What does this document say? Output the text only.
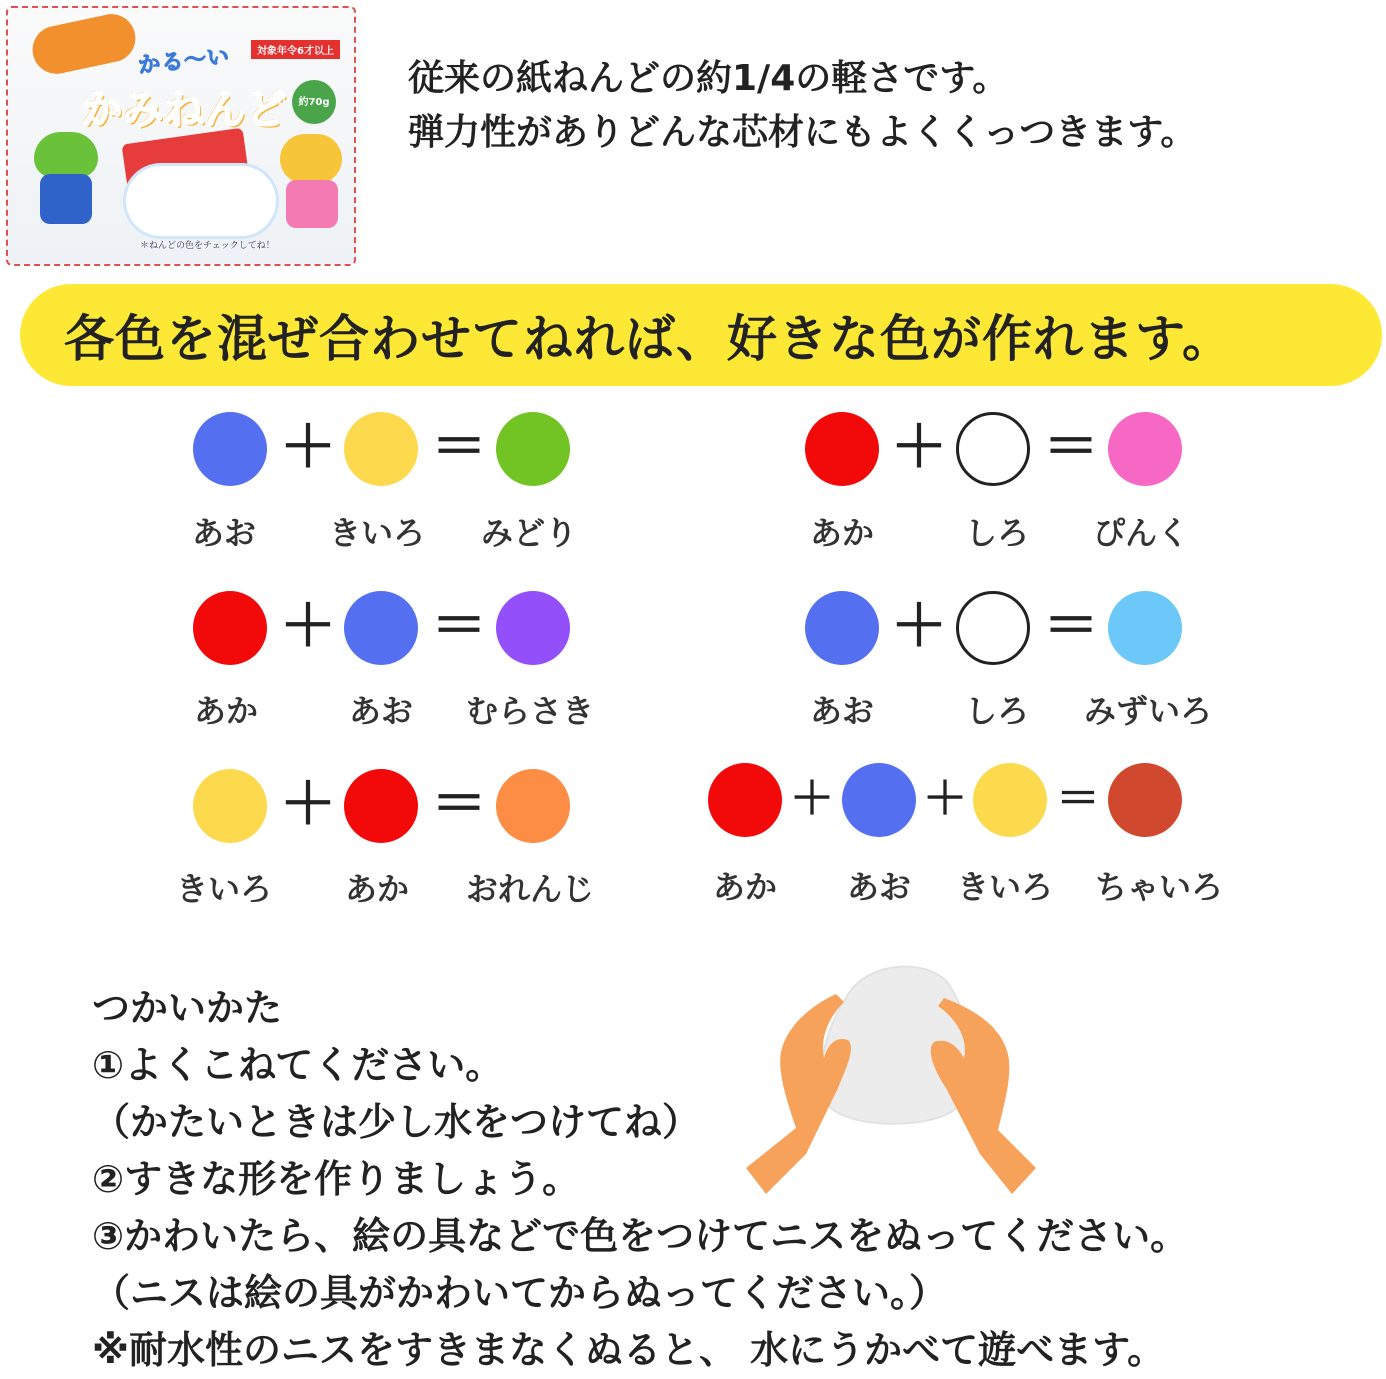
かる〜い	対象年令6才以上
かみねんど	約70g
＊ねんどの色をチェックしてね！
従来の紙ねんどの約1/4の軽さです。
弾力性がありどんな芯材にもよくくっつきます。
各色を混ぜ合わせてねれば、好きな色が作れます。
あお きいろ みどり
＋ ＝
あか	しろ ぴんく
＋ ＝
あか	あお むらさき
＋ ＝
あお	しろ みずいろ
＋ ＝
きいろ あか おれんじ
＋ ＝
あか あお きいろ ちゃいろ
＋ ＋ ＝
つかいかた
①よくこねてください。
（かたいときは少し水をつけてね）
②すきな形を作りましょう。
③かわいたら、絵の具などで色をつけてニスをぬってください。
（ニスは絵の具がかわいてからぬってください。）
※耐水性のニスをすきまなくぬると、 水にうかべて遊べます。
